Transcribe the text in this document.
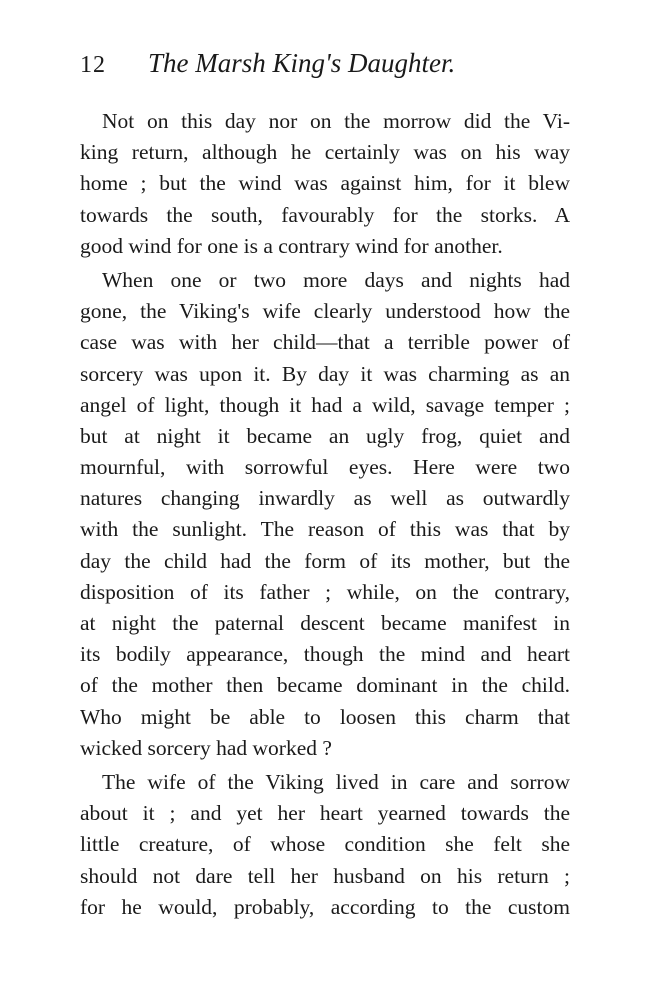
12 The Marsh King's Daughter.
Not on this day nor on the morrow did the Vi-
king return, although he certainly was on his way
home ; but the wind was against him, for it blew
towards the south, favourably for the storks. A
good wind for one is a contrary wind for another.
When one or two more days and nights had
gone, the Viking's wife clearly understood how the
case was with her child—that a terrible power of
sorcery was upon it. By day it was charming as an
angel of light, though it had a wild, savage temper ;
but at night it became an ugly frog, quiet and
mournful, with sorrowful eyes. Here were two
natures changing inwardly as well as outwardly
with the sunlight. The reason of this was that by
day the child had the form of its mother, but the
disposition of its father ; while, on the contrary,
at night the paternal descent became manifest in
its bodily appearance, though the mind and heart
of the mother then became dominant in the child.
Who might be able to loosen this charm that
wicked sorcery had worked ?
The wife of the Viking lived in care and sorrow
about it ; and yet her heart yearned towards the
little creature, of whose condition she felt she
should not dare tell her husband on his return ;
for he would, probably, according to the custom
